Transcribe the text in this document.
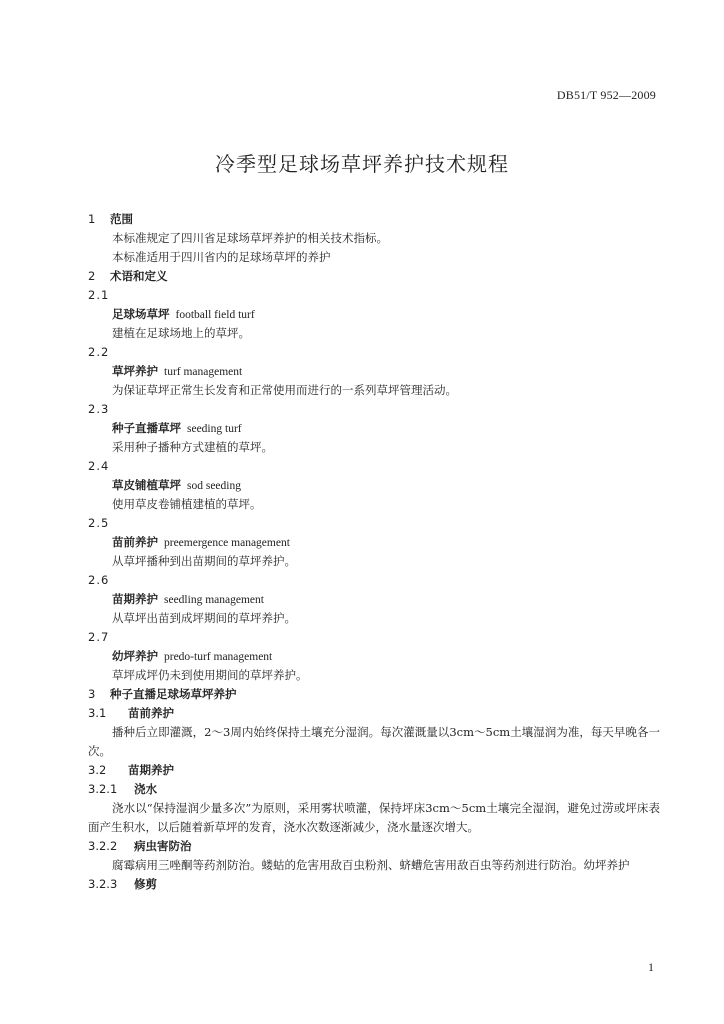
DB51/T 952—2009
冷季型足球场草坪养护技术规程
1 范围
本标准规定了四川省足球场草坪养护的相关技术指标。
本标准适用于四川省内的足球场草坪的养护
2 术语和定义
2.1
足球场草坪 football field turf
建植在足球场地上的草坪。
2.2
草坪养护 turf management
为保证草坪正常生长发育和正常使用而进行的一系列草坪管理活动。
2.3
种子直播草坪 seeding turf
采用种子播种方式建植的草坪。
2.4
草皮铺植草坪 sod seeding
使用草皮卷铺植建植的草坪。
2.5
苗前养护 preemergence management
从草坪播种到出苗期间的草坪养护。
2.6
苗期养护 seedling management
从草坪出苗到成坪期间的草坪养护。
2.7
幼坪养护 predo-turf management
草坪成坪仍未到使用期间的草坪养护。
3 种子直播足球场草坪养护
3.1 苗前养护
播种后立即灌溉，2～3周内始终保持土壤充分湿润。每次灌溉量以3cm～5cm土壤湿润为准，每天早晚各一次。
3.2 苗期养护
3.2.1 浇水
浇水以“保持湿润少量多次”为原则，采用雾状喷灌，保持坪床3cm～5cm土壤完全湿润，避免过涝或坪床表面产生积水，以后随着新草坪的发育，浇水次数逐渐减少，浇水量逐次增大。
3.2.2 病虫害防治
腐霉病用三唑酮等药剂防治。蝼蛄的危害用敌百虫粉剂、蛴螬危害用敌百虫等药剂进行防治。幼坪养护
3.2.3 修剪
1
